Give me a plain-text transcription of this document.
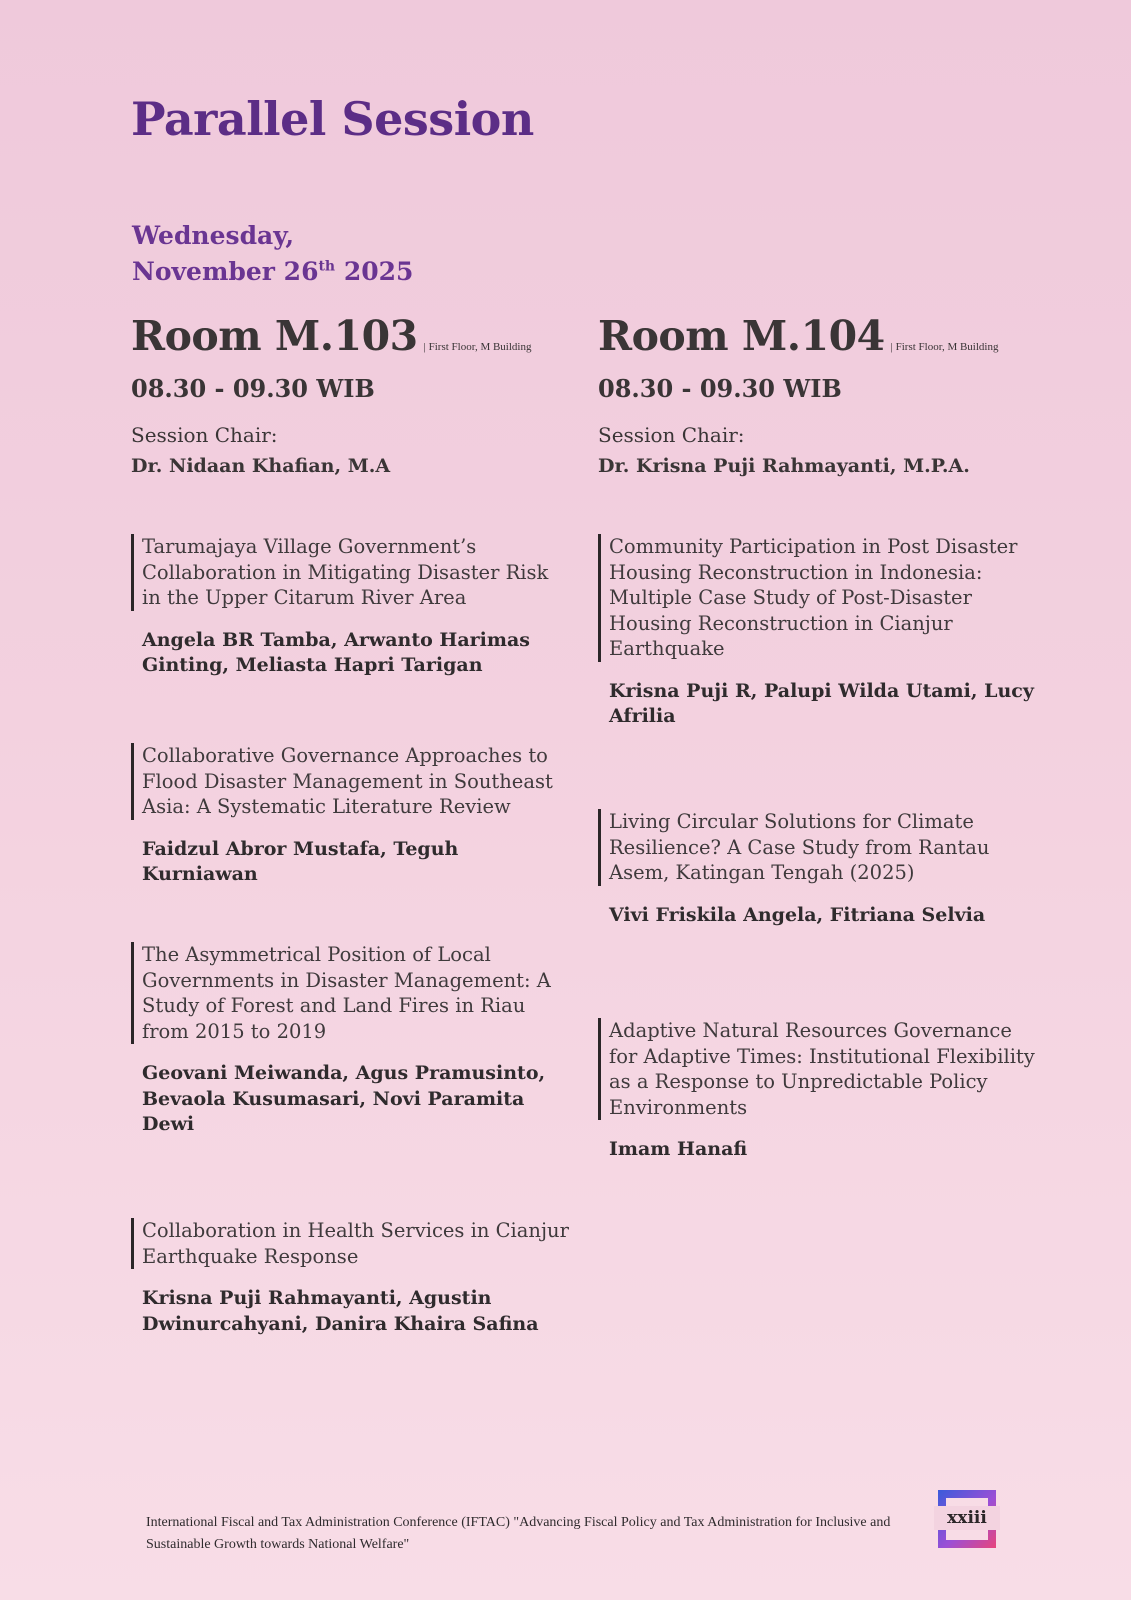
Parallel Session
Wednesday,
November 26th 2025
Room M.103 | First Floor, M Building
08.30 - 09.30 WIB
Session Chair:
Dr. Nidaan Khafian, M.A
Tarumajaya Village Government’s Collaboration in Mitigating Disaster Risk in the Upper Citarum River Area
Angela BR Tamba, Arwanto Harimas Ginting, Meliasta Hapri Tarigan
Collaborative Governance Approaches to Flood Disaster Management in Southeast Asia: A Systematic Literature Review
Faidzul Abror Mustafa, Teguh Kurniawan
The Asymmetrical Position of Local Governments in Disaster Management: A Study of Forest and Land Fires in Riau from 2015 to 2019
Geovani Meiwanda, Agus Pramusinto, Bevaola Kusumasari, Novi Paramita Dewi
Collaboration in Health Services in Cianjur Earthquake Response
Krisna Puji Rahmayanti, Agustin Dwinurcahyani, Danira Khaira Safina
Room M.104 | First Floor, M Building
08.30 - 09.30 WIB
Session Chair:
Dr. Krisna Puji Rahmayanti, M.P.A.
Community Participation in Post Disaster Housing Reconstruction in Indonesia: Multiple Case Study of Post-Disaster Housing Reconstruction in Cianjur Earthquake
Krisna Puji R, Palupi Wilda Utami, Lucy Afrilia
Living Circular Solutions for Climate Resilience? A Case Study from Rantau Asem, Katingan Tengah (2025)
Vivi Friskila Angela, Fitriana Selvia
Adaptive Natural Resources Governance for Adaptive Times: Institutional Flexibility as a Response to Unpredictable Policy Environments
Imam Hanafi
International Fiscal and Tax Administration Conference (IFTAC) "Advancing Fiscal Policy and Tax Administration for Inclusive and Sustainable Growth towards National Welfare"
xxiii
